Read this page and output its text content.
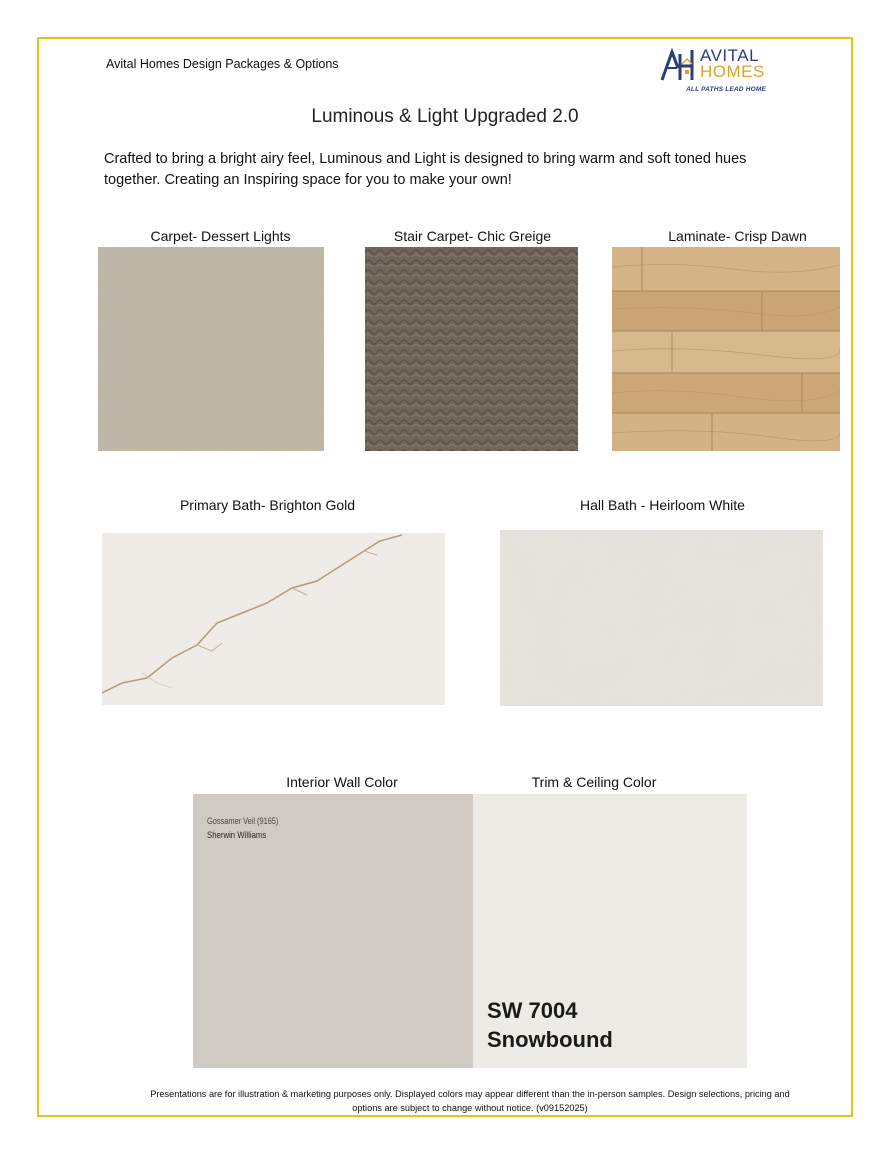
Avital Homes Design Packages & Options	AVITAL
HOMES
ALL PATHS LEAD HOME
Luminous & Light Upgraded 2.0
Crafted to bring a bright airy feel, Luminous and Light is designed to bring warm and soft toned hues together. Creating an Inspiring space for you to make your own!
Carpet- Dessert Lights	Stair Carpet- Chic Greige	Laminate- Crisp Dawn
Primary Bath- Brighton Gold	Hall Bath - Heirloom White
Interior Wall Color	Trim & Ceiling Color
Gossamer Veil (9165)
Sherwin Williams
SW 7004
Snowbound
Presentations are for illustration & marketing purposes only. Displayed colors may appear different than the in-person samples. Design selections, pricing and
options are subject to change without notice. (v09152025)
